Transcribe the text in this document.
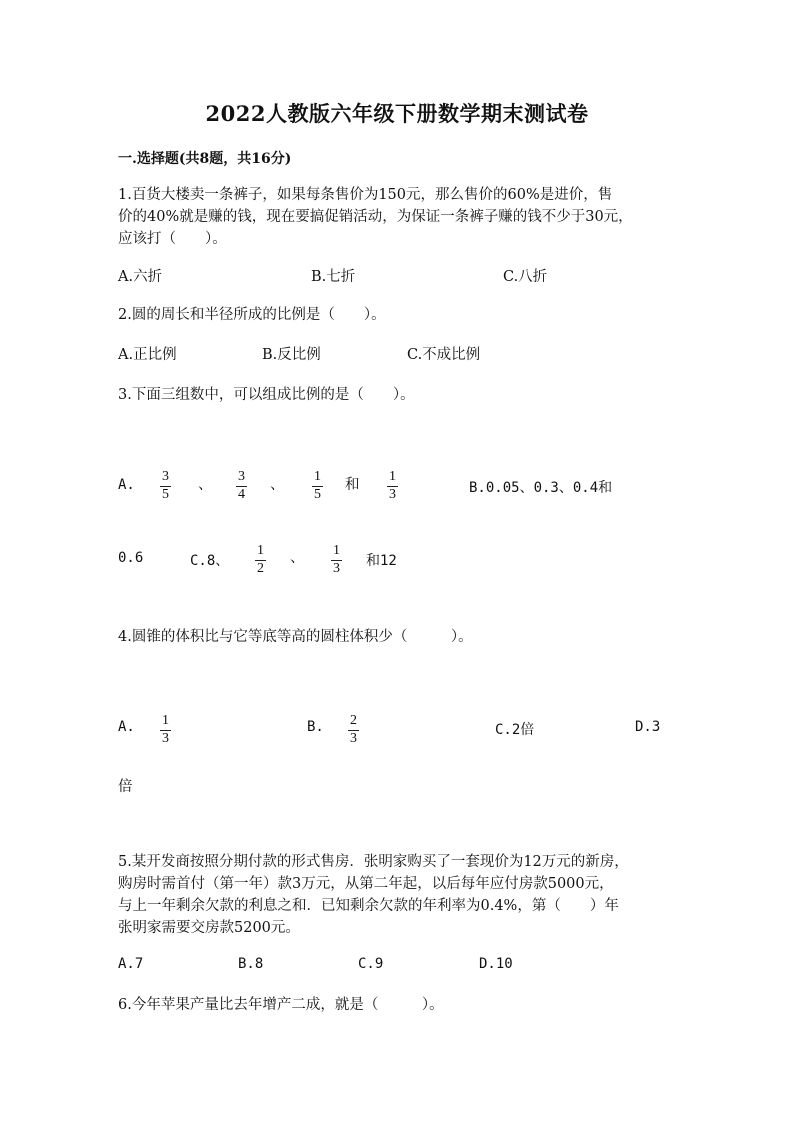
2022人教版六年级下册数学期末测试卷
一.选择题(共8题，共16分)
1.百货大楼卖一条裤子，如果每条售价为150元，那么售价的60%是进价，售
价的40%就是赚的钱，现在要搞促销活动，为保证一条裤子赚的钱不少于30元，
应该打（　　）。
A.六折	B.七折	C.八折
2.圆的周长和半径所成的比例是（　　）。
A.正比例	B.反比例	C.不成比例
3.下面三组数中，可以组成比例的是（　　）。
A.
3
5
、
3
4
、
1
5
和
1
3	B.0.05、0.3、0.4和
0.6	C.8、
1
2
、 1
3 和12
4.圆锥的体积比与它等底等高的圆柱体积少（　　　）。
A. 1
3
B. 2
3
C.2倍	D.3
倍
5.某开发商按照分期付款的形式售房．张明家购买了一套现价为12万元的新房，
购房时需首付（第一年）款3万元，从第二年起，以后每年应付房款5000元，
与上一年剩余欠款的利息之和．已知剩余欠款的年利率为0.4%，第（　　）年
张明家需要交房款5200元。
A.7	B.8	C.9	D.10
6.今年苹果产量比去年增产二成，就是（　　　）。
